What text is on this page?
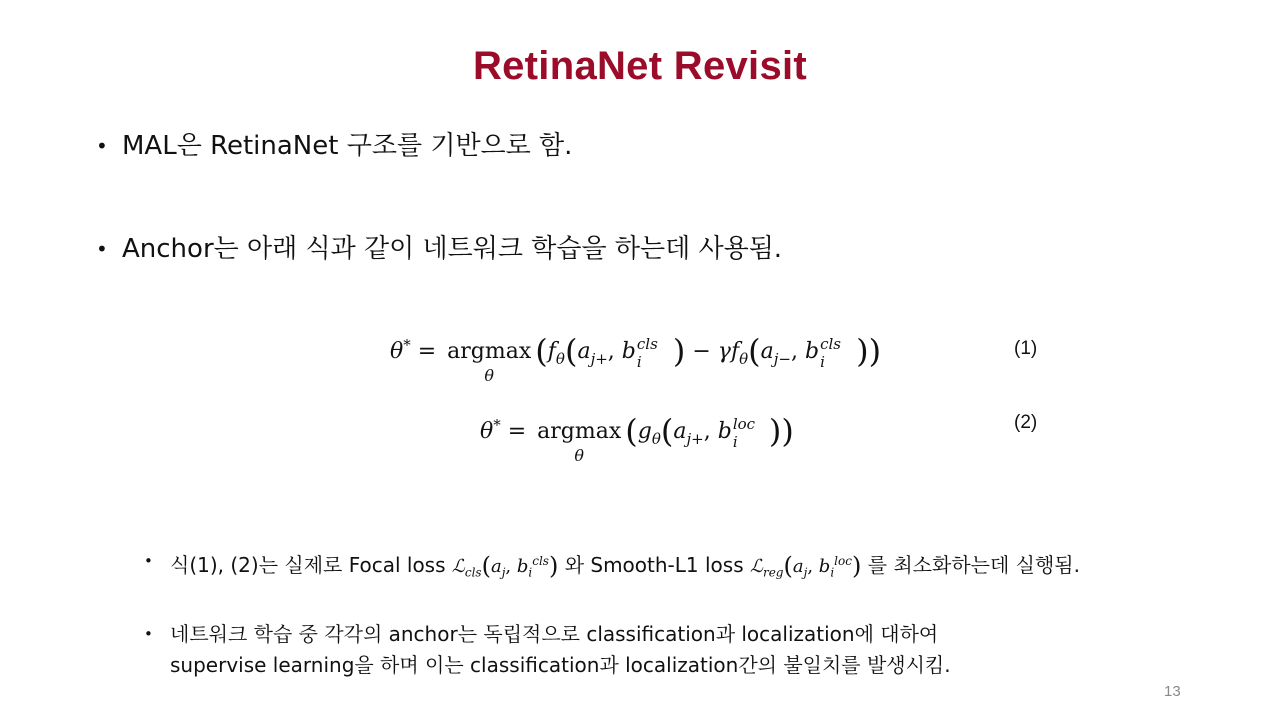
RetinaNet Revisit
• MAL은 RetinaNet 구조를 기반으로 함.
• Anchor는 아래 식과 같이 네트워크 학습을 하는데 사용됨.
θ* = argmax
θ
($f_\theta(a_{j+}$, b cls
i ) − $\gamma f_\theta(a_{j-}$, b cls
i ))
θ* = argmax
θ
($g_\theta(a_{j+}$, b loc
i ))
(1)
(2)
• 식(1), (2)는 실제로 Focal loss $ℒ_{cls}(a_j$, $b_i^{cls}$) 와 Smooth-L1 loss $ℒ_{reg}(a_j$, $b_i^{loc}$) 를 최소화하는데 실행됨.
• 네트워크 학습 중 각각의 anchor는 독립적으로 classification과 localization에 대하여
supervise learning을 하며 이는 classification과 localization간의 불일치를 발생시킴.
13
